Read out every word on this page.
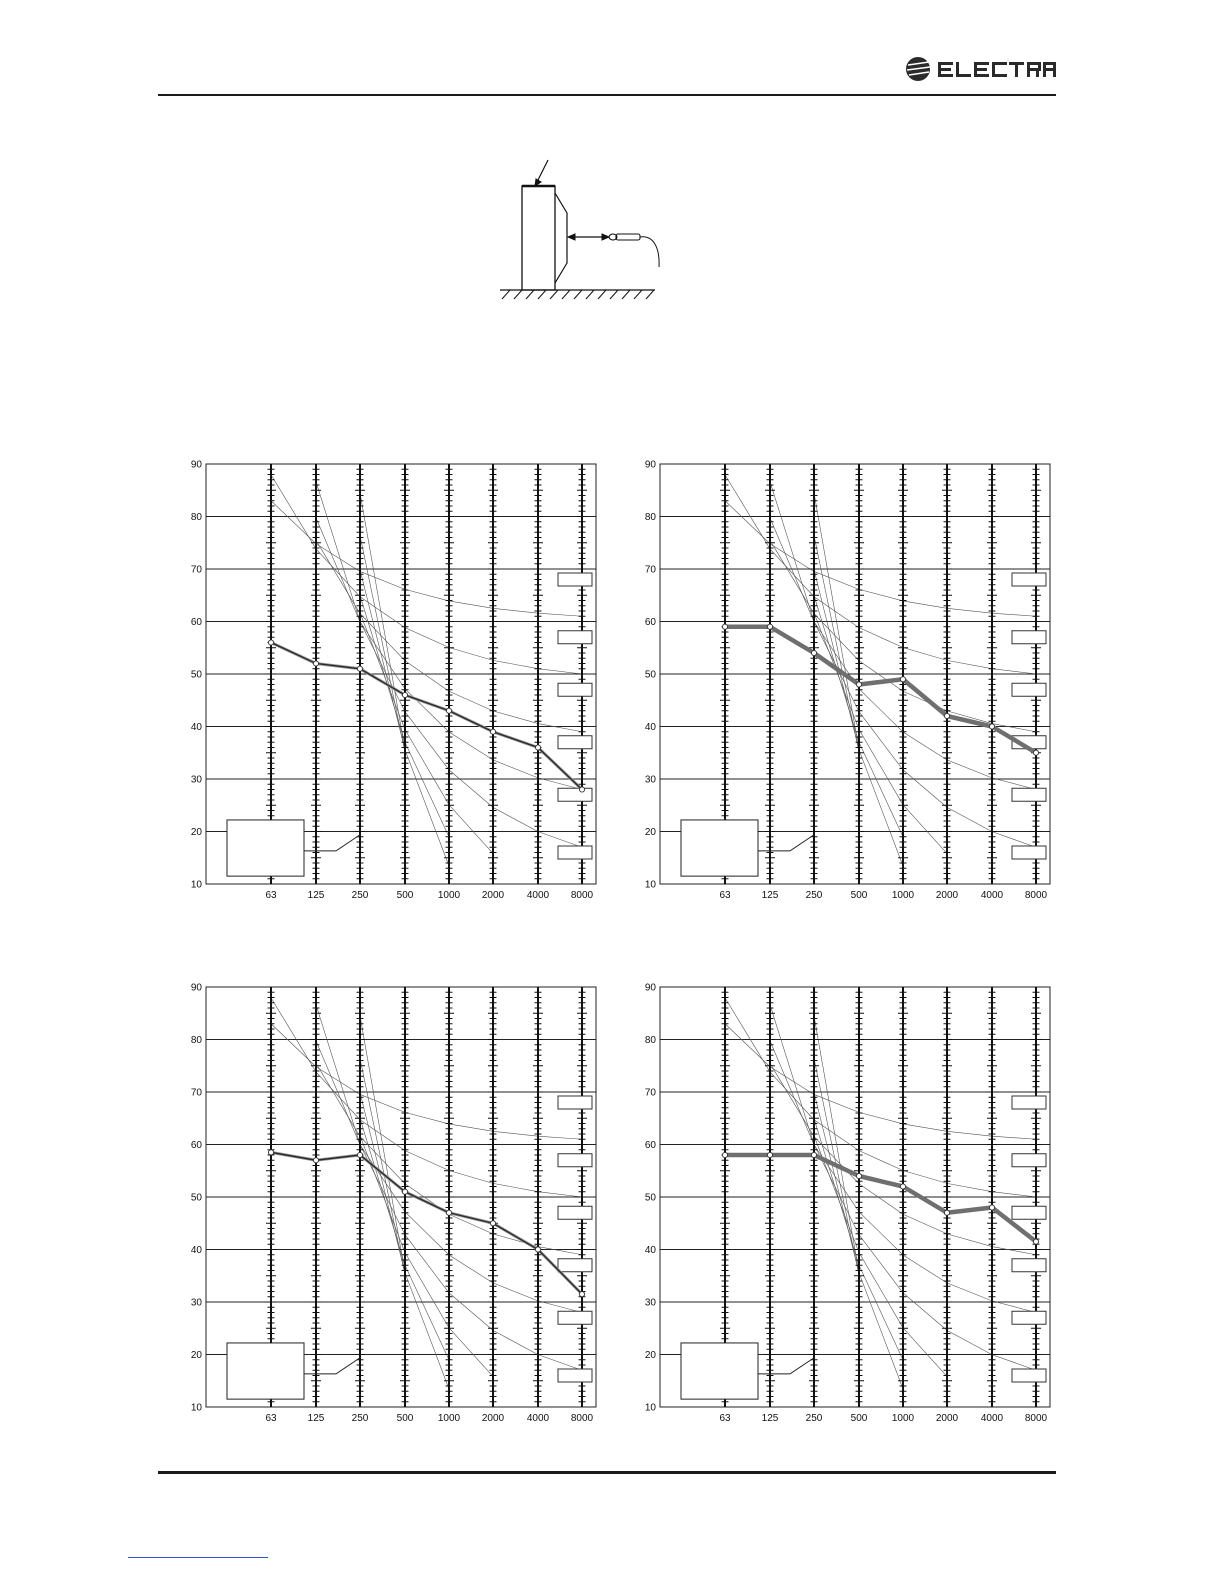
10
20
30
40
50
60
70
80
90
63	125	250	500 1000 2000 4000 8000
10
20
30
40
50
60
70
80
90
63	125	250	500 1000 2000 4000 8000
10
20
30
40
50
60
70
80
90
63	125	250	500 1000 2000 4000 8000
10
20
30
40
50
60
70
80
90
63	125	250	500 1000 2000 4000 8000
